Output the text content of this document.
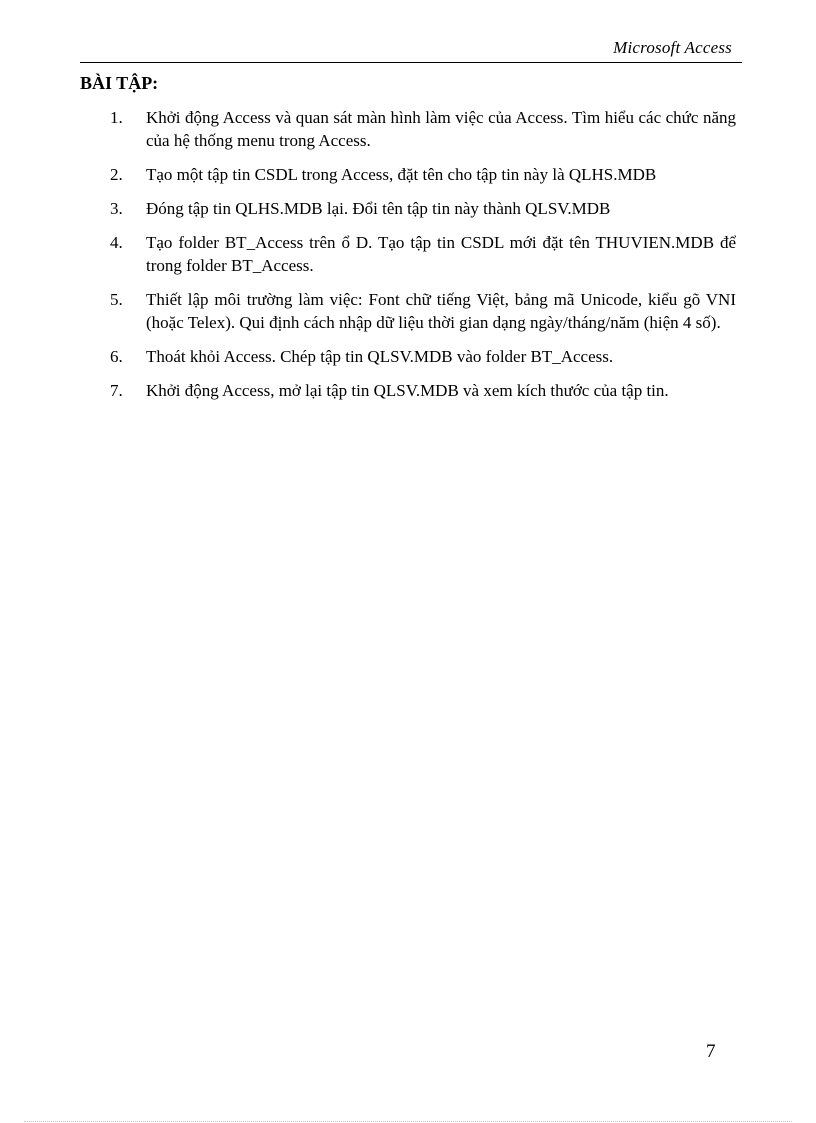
Microsoft Access
BÀI TẬP:
1.	Khởi động Access và quan sát màn hình làm việc của Access. Tìm hiểu các chức năng của hệ thống menu trong Access.
2.	Tạo một tập tin CSDL trong Access, đặt tên cho tập tin này là QLHS.MDB
3.	Đóng tập tin QLHS.MDB lại. Đổi tên tập tin này thành QLSV.MDB
4.	Tạo folder BT_Access trên ổ D. Tạo tập tin CSDL mới đặt tên THUVIEN.MDB để trong folder BT_Access.
5.	Thiết lập môi trường làm việc: Font chữ tiếng Việt, bảng mã Unicode, kiểu gõ VNI (hoặc Telex). Qui định cách nhập dữ liệu thời gian dạng ngày/tháng/năm (hiện 4 số).
6.	Thoát khỏi Access. Chép tập tin QLSV.MDB vào folder BT_Access.
7.	Khởi động Access, mở lại tập tin QLSV.MDB và xem kích thước của tập tin.
7
